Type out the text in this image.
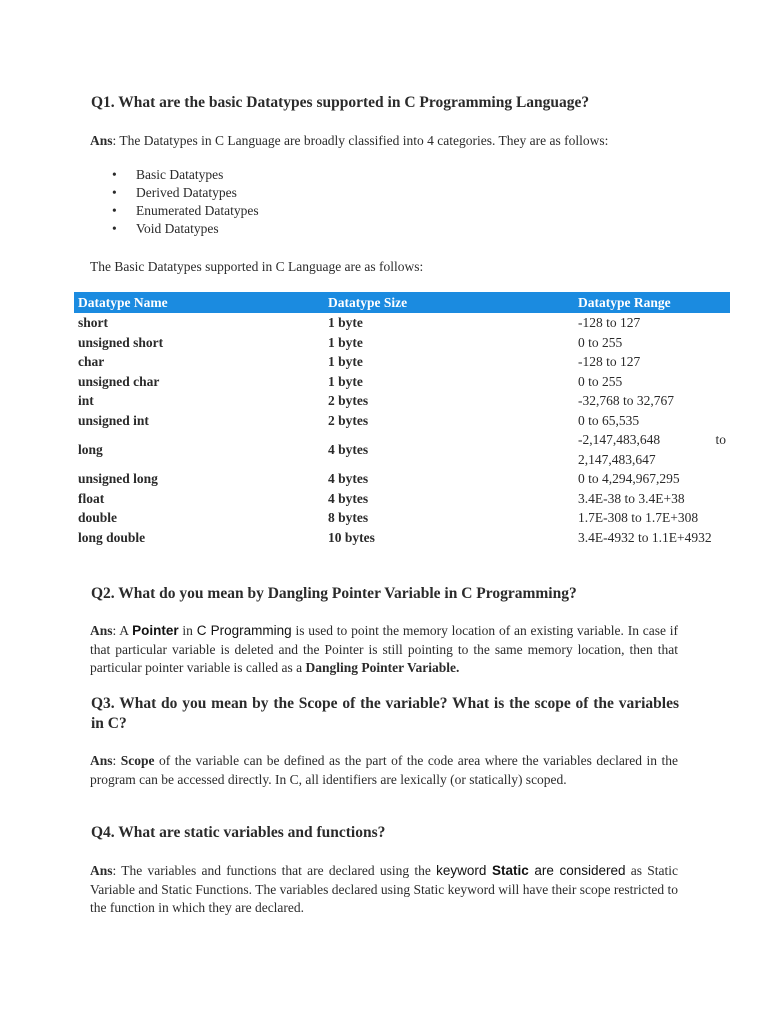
Q1. What are the basic Datatypes supported in C Programming Language?

Ans: The Datatypes in C Language are broadly classified into 4 categories. They are as follows:

• Basic Datatypes
• Derived Datatypes
• Enumerated Datatypes
• Void Datatypes

The Basic Datatypes supported in C Language are as follows:

Datatype Name	Datatype Size	Datatype Range
short	1 byte	-128 to 127
unsigned short	1 byte	0 to 255
char	1 byte	-128 to 127
unsigned char	1 byte	0 to 255
int	2 bytes	-32,768 to 32,767
unsigned int	2 bytes	0 to 65,535
long	4 bytes	-2,147,483,648 to
2,147,483,647

unsigned long	4 bytes	0 to 4,294,967,295
float	4 bytes	3.4E-38 to 3.4E+38
double	8 bytes	1.7E-308 to 1.7E+308
long double	10 bytes	3.4E-4932 to 1.1E+4932
Q2. What do you mean by Dangling Pointer Variable in C Programming?

Ans: A Pointer in C Programming is used to point the memory location of an existing variable. In case if that particular variable is deleted and the Pointer is still pointing to the same memory location, then that particular pointer variable is called as a Dangling Pointer Variable.

Q3. What do you mean by the Scope of the variable? What is the scope of the variables in C?

Ans: Scope of the variable can be defined as the part of the code area where the variables declared in the program can be accessed directly. In C, all identifiers are lexically (or statically) scoped.

Q4. What are static variables and functions?

Ans: The variables and functions that are declared using the keyword Static are considered as Static Variable and Static Functions. The variables declared using Static keyword will have their scope restricted to the function in which they are declared.
